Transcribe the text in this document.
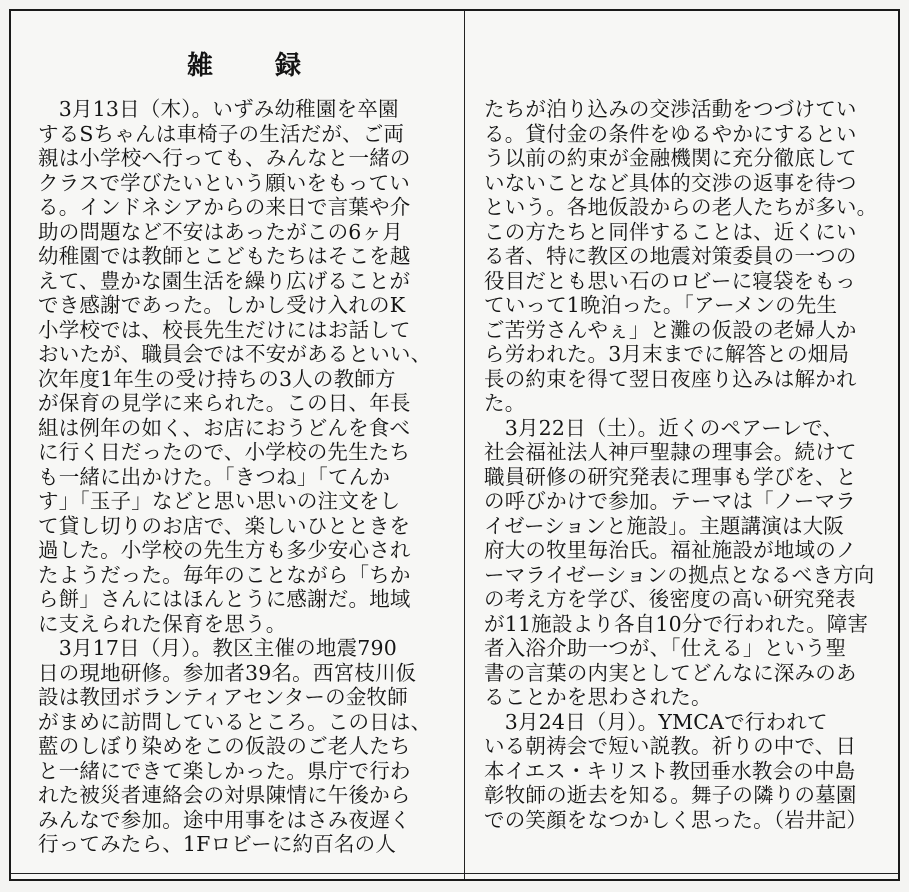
雑　録
　3月13日（木）。いずみ幼稚園を卒園
するSちゃんは車椅子の生活だが、ご両
親は小学校へ行っても、みんなと一緒の
クラスで学びたいという願いをもってい
る。インドネシアからの来日で言葉や介
助の問題など不安はあったがこの6ヶ月
幼稚園では教師とこどもたちはそこを越
えて、豊かな園生活を繰り広げることが
でき感謝であった。しかし受け入れのK
小学校では、校長先生だけにはお話して
おいたが、職員会では不安があるといい、
次年度1年生の受け持ちの3人の教師方
が保育の見学に来られた。この日、年長
組は例年の如く、お店におうどんを食べ
に行く日だったので、小学校の先生たち
も一緒に出かけた。「きつね」「てんか
す」「玉子」などと思い思いの注文をし
て貸し切りのお店で、楽しいひとときを
過した。小学校の先生方も多少安心され
たようだった。毎年のことながら「ちか
ら餅」さんにはほんとうに感謝だ。地域
に支えられた保育を思う。
　3月17日（月）。教区主催の地震790
日の現地研修。参加者39名。西宮枝川仮
設は教団ボランティアセンターの金牧師
がまめに訪問しているところ。この日は、
藍のしぼり染めをこの仮設のご老人たち
と一緒にできて楽しかった。県庁で行わ
れた被災者連絡会の対県陳情に午後から
みんなで参加。途中用事をはさみ夜遅く
行ってみたら、1Fロビーに約百名の人
たちが泊り込みの交渉活動をつづけてい
る。貸付金の条件をゆるやかにするとい
う以前の約束が金融機関に充分徹底して
いないことなど具体的交渉の返事を待つ
という。各地仮設からの老人たちが多い。
この方たちと同伴することは、近くにい
る者、特に教区の地震対策委員の一つの
役目だとも思い石のロビーに寝袋をもっ
ていって1晩泊った。「アーメンの先生
ご苦労さんやぇ」と灘の仮設の老婦人か
ら労われた。3月末までに解答との畑局
長の約束を得て翌日夜座り込みは解かれ
た。
　3月22日（土）。近くのペアーレで、
社会福祉法人神戸聖隷の理事会。続けて
職員研修の研究発表に理事も学びを、と
の呼びかけで参加。テーマは「ノーマラ
イゼーションと施設」。主題講演は大阪
府大の牧里毎治氏。福祉施設が地域のノ
ーマライゼーションの拠点となるべき方向
の考え方を学び、後密度の高い研究発表
が11施設より各自10分で行われた。障害
者入浴介助一つが、「仕える」という聖
書の言葉の内実としてどんなに深みのあ
ることかを思わされた。
　3月24日（月）。YMCAで行われて
いる朝祷会で短い説教。祈りの中で、日
本イエス・キリスト教団垂水教会の中島
彰牧師の逝去を知る。舞子の隣りの墓園
での笑顔をなつかしく思った。（岩井記）
